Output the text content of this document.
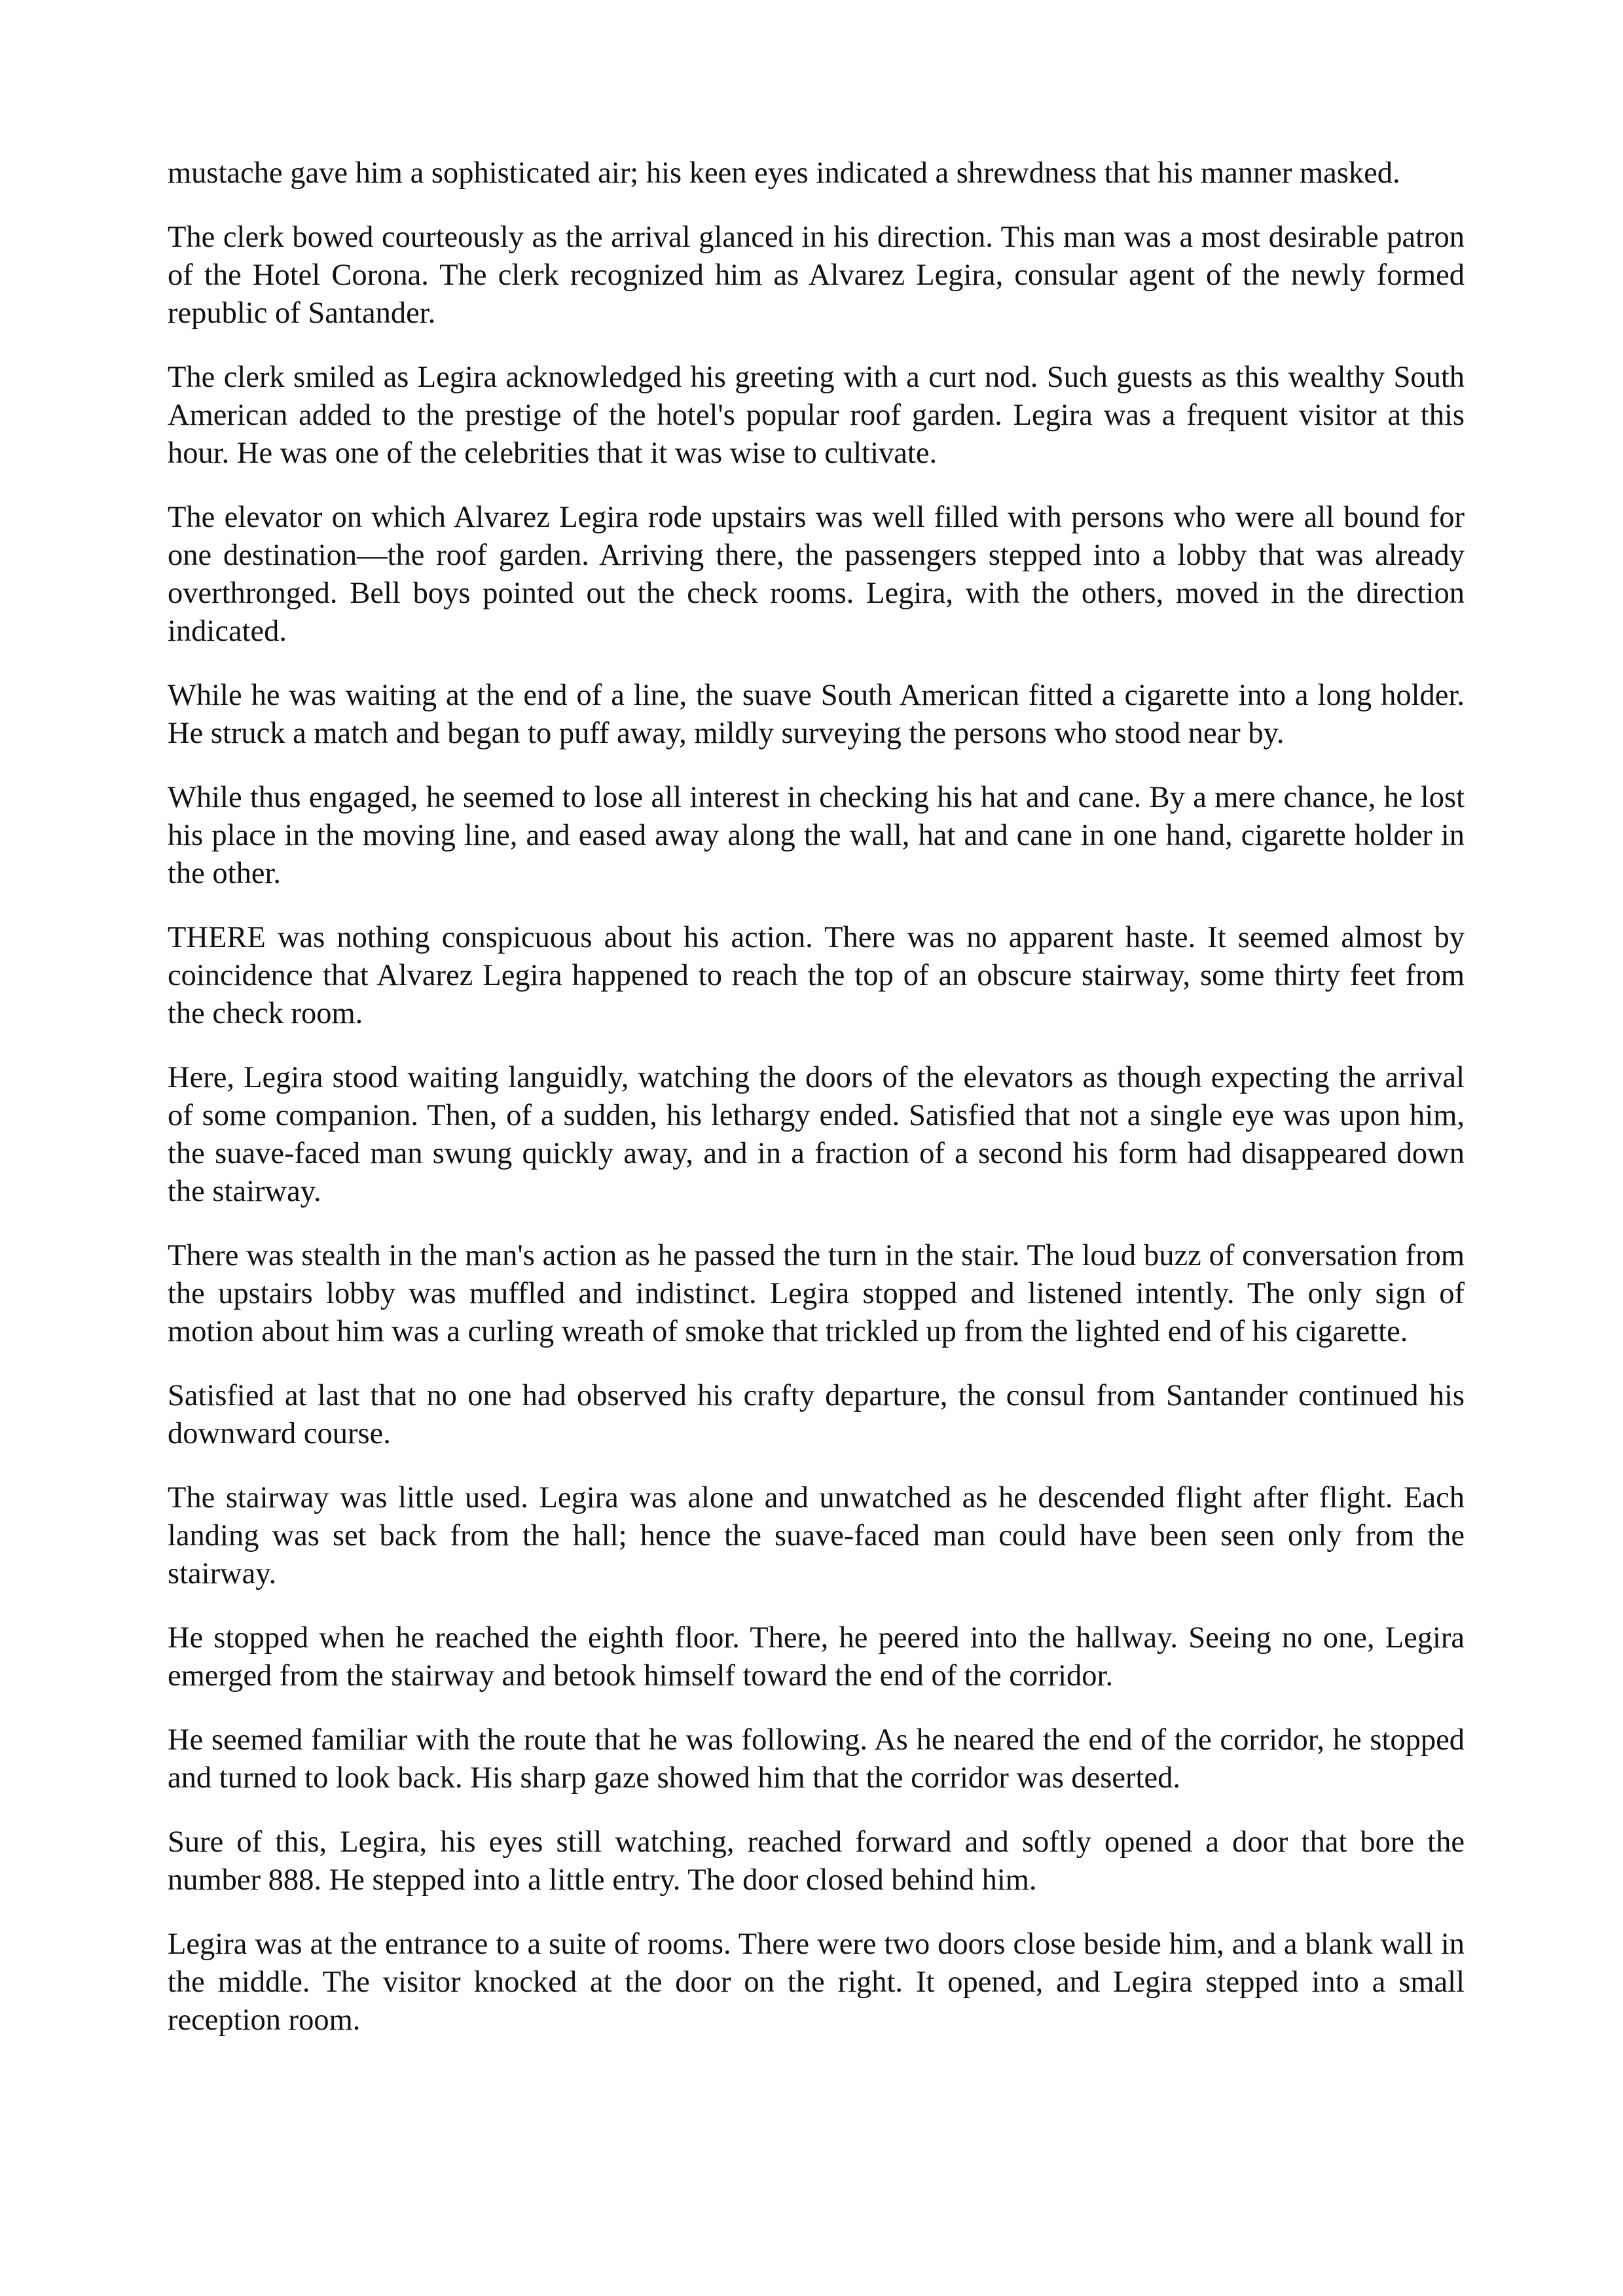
mustache gave him a sophisticated air; his keen eyes indicated a shrewdness that his manner masked.

The clerk bowed courteously as the arrival glanced in his direction. This man was a most desirable patron of the Hotel Corona. The clerk recognized him as Alvarez Legira, consular agent of the newly formed republic of Santander.

The clerk smiled as Legira acknowledged his greeting with a curt nod. Such guests as this wealthy South American added to the prestige of the hotel's popular roof garden. Legira was a frequent visitor at this hour. He was one of the celebrities that it was wise to cultivate.

The elevator on which Alvarez Legira rode upstairs was well filled with persons who were all bound for one destination—the roof garden. Arriving there, the passengers stepped into a lobby that was already overthronged. Bell boys pointed out the check rooms. Legira, with the others, moved in the direction indicated.

While he was waiting at the end of a line, the suave South American fitted a cigarette into a long holder. He struck a match and began to puff away, mildly surveying the persons who stood near by.

While thus engaged, he seemed to lose all interest in checking his hat and cane. By a mere chance, he lost his place in the moving line, and eased away along the wall, hat and cane in one hand, cigarette holder in the other.

THERE was nothing conspicuous about his action. There was no apparent haste. It seemed almost by coincidence that Alvarez Legira happened to reach the top of an obscure stairway, some thirty feet from the check room.

Here, Legira stood waiting languidly, watching the doors of the elevators as though expecting the arrival of some companion. Then, of a sudden, his lethargy ended. Satisfied that not a single eye was upon him, the suave-faced man swung quickly away, and in a fraction of a second his form had disappeared down the stairway.

There was stealth in the man's action as he passed the turn in the stair. The loud buzz of conversation from the upstairs lobby was muffled and indistinct. Legira stopped and listened intently. The only sign of motion about him was a curling wreath of smoke that trickled up from the lighted end of his cigarette.

Satisfied at last that no one had observed his crafty departure, the consul from Santander continued his downward course.

The stairway was little used. Legira was alone and unwatched as he descended flight after flight. Each landing was set back from the hall; hence the suave-faced man could have been seen only from the stairway.

He stopped when he reached the eighth floor. There, he peered into the hallway. Seeing no one, Legira emerged from the stairway and betook himself toward the end of the corridor.

He seemed familiar with the route that he was following. As he neared the end of the corridor, he stopped and turned to look back. His sharp gaze showed him that the corridor was deserted.

Sure of this, Legira, his eyes still watching, reached forward and softly opened a door that bore the number 888. He stepped into a little entry. The door closed behind him.

Legira was at the entrance to a suite of rooms. There were two doors close beside him, and a blank wall in the middle. The visitor knocked at the door on the right. It opened, and Legira stepped into a small reception room.
